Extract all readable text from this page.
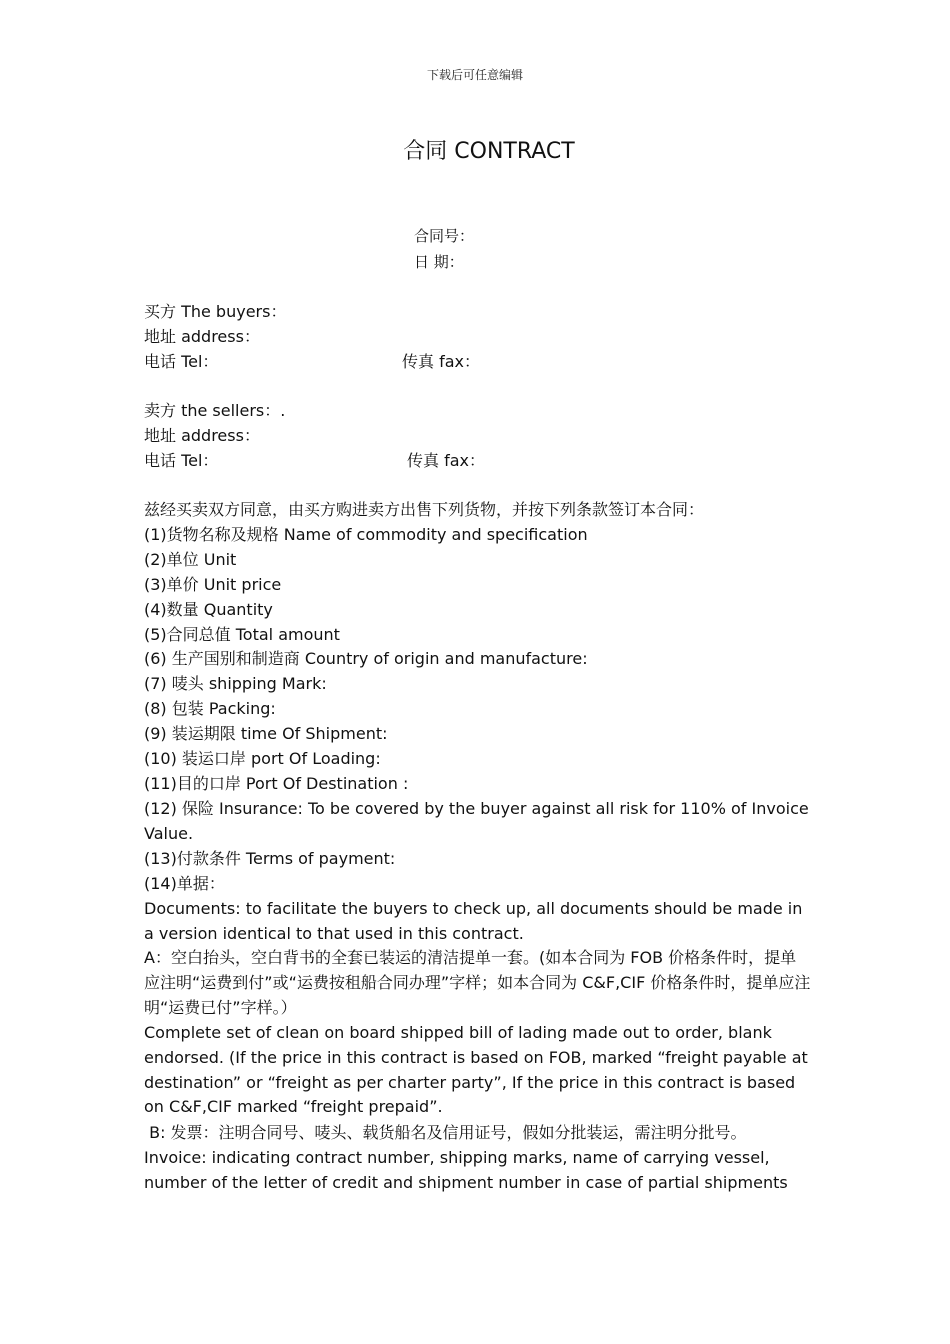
下载后可任意编辑
合同 CONTRACT
合同号：
日 期：
买方 The buyers：
地址 address：
电话 Tel：	传真 fax：
卖方 the sellers：.
地址 address：
电话 Tel：	传真 fax：
兹经买卖双方同意，由买方购进卖方出售下列货物，并按下列条款签订本合同：
(1)货物名称及规格 Name of commodity and specification
(2)单位 Unit
(3)单价 Unit price
(4)数量 Quantity
(5)合同总值 Total amount
(6) 生产国别和制造商 Country of origin and manufacture:
(7) 唛头 shipping Mark:
(8) 包装 Packing:
(9) 装运期限 time Of Shipment:
(10) 装运口岸 port Of Loading:
(11)目的口岸 Port Of Destination :
(12) 保险 Insurance: To be covered by the buyer against all risk for 110% of Invoice Value.
(13)付款条件 Terms of payment:
(14)单据：
Documents: to facilitate the buyers to check up, all documents should be made in a version identical to that used in this contract.
A：空白抬头，空白背书的全套已装运的清洁提单一套。(如本合同为 FOB 价格条件时，提单应注明“运费到付”或“运费按租船合同办理”字样；如本合同为 C&F,CIF 价格条件时，提单应注明“运费已付”字样。）
Complete set of clean on board shipped bill of lading made out to order, blank endorsed. (If the price in this contract is based on FOB, marked “freight payable at destination” or “freight as per charter party”, If the price in this contract is based on C&F,CIF marked “freight prepaid”.
B: 发票：注明合同号、唛头、载货船名及信用证号，假如分批装运，需注明分批号。
Invoice: indicating contract number, shipping marks, name of carrying vessel, number of the letter of credit and shipment number in case of partial shipments
